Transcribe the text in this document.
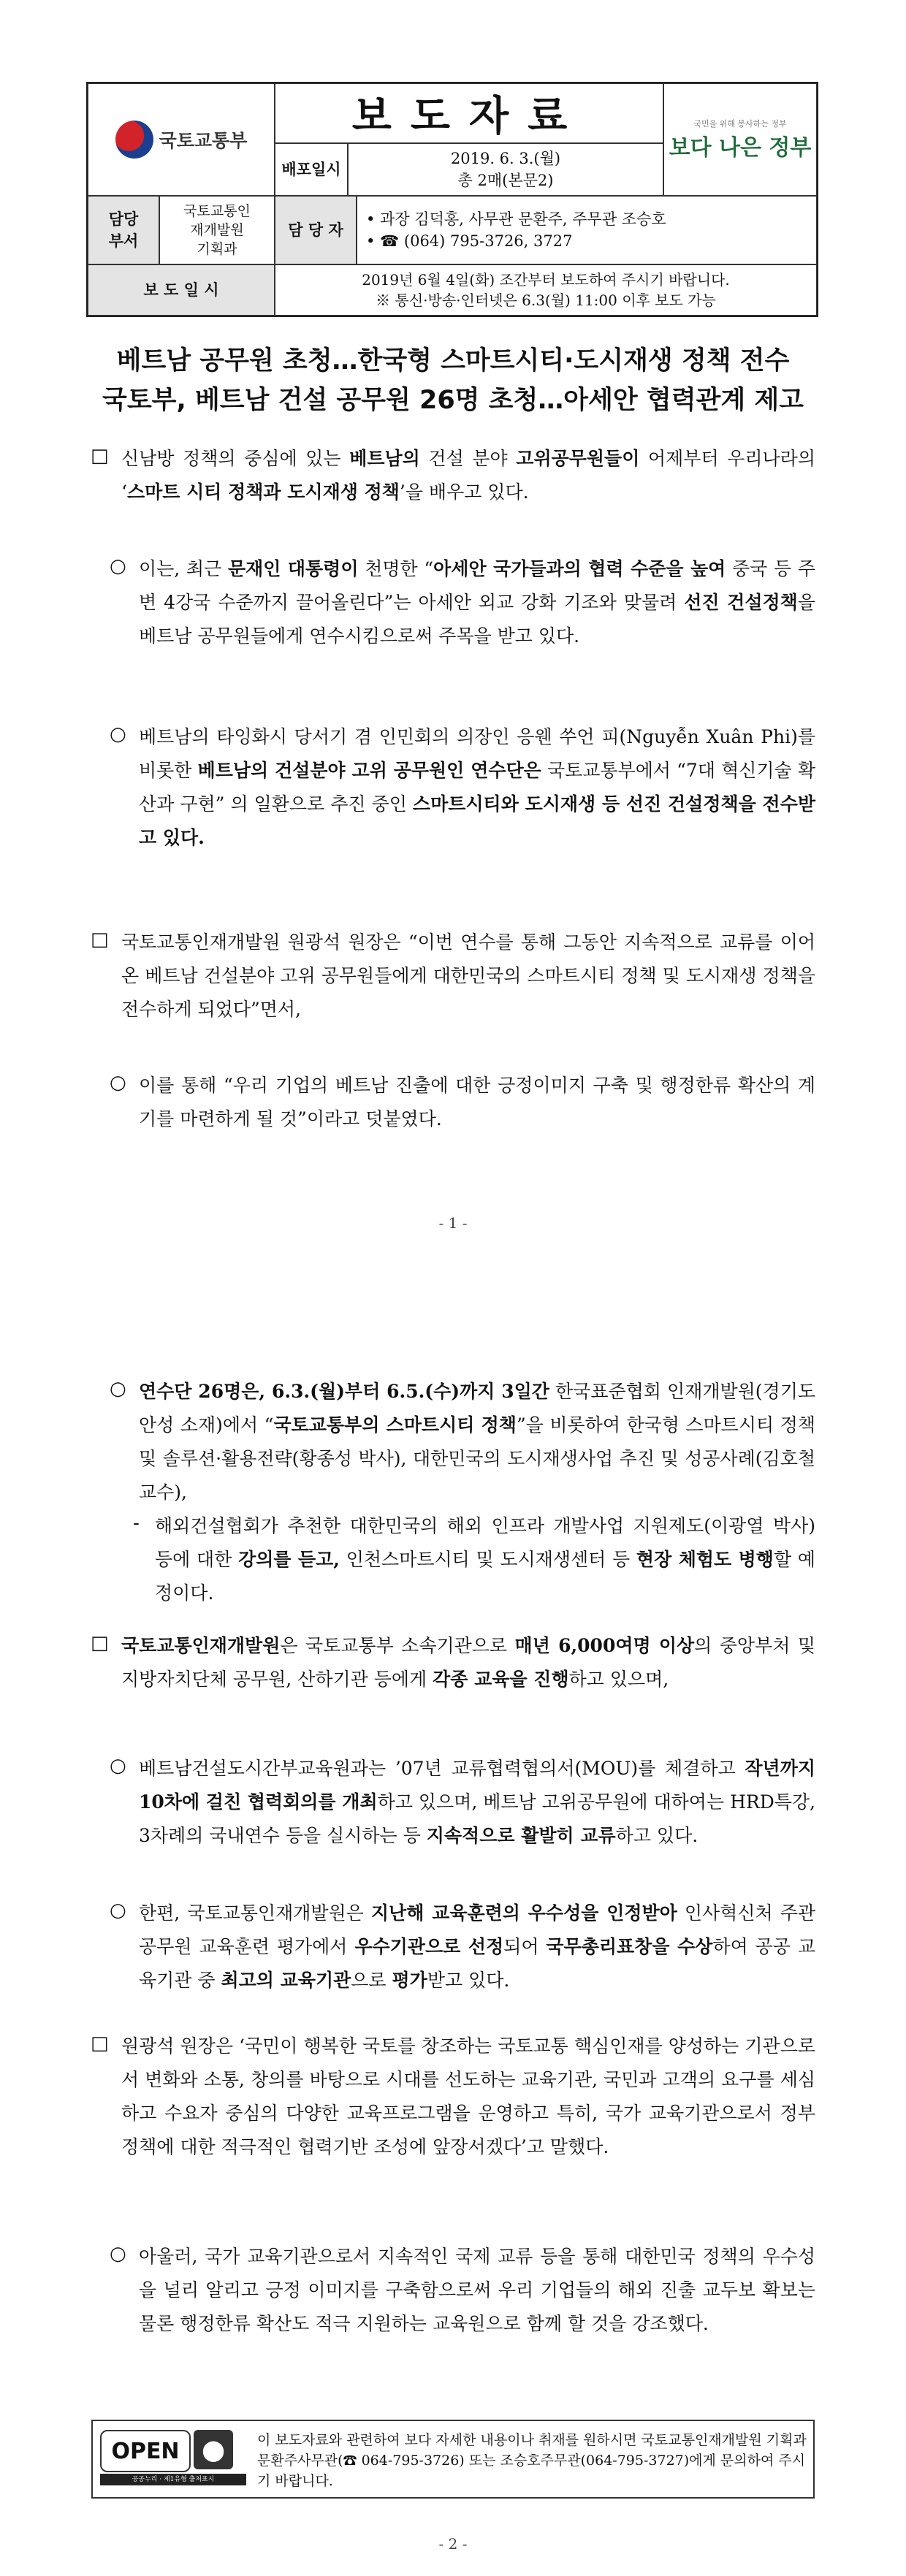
국토교통부
보도자료
배포일시
2019. 6. 3.(월)
총 2매(본문2)
국민을 위해 봉사하는 정부
보다 나은 정부
담당
부서
국토교통인
재개발원
기획과
담 당 자
• 과장 김덕홍, 사무관 문환주, 주무관 조승호
• ☎ (064) 795-3726, 3727
보 도 일 시
2019년 6월 4일(화) 조간부터 보도하여 주시기 바랍니다.
※ 통신·방송·인터넷은 6.3(월) 11:00 이후 보도 가능
베트남 공무원 초청…한국형 스마트시티·도시재생 정책 전수
국토부, 베트남 건설 공무원 26명 초청…아세안 협력관계 제고
□ 신남방 정책의 중심에 있는 베트남의 건설 분야 고위공무원들이 어제부터 우리나라의 ‘스마트 시티 정책과 도시재생 정책’을 배우고 있다.
○ 이는, 최근 문재인 대통령이 천명한 “아세안 국가들과의 협력 수준을 높여 중국 등 주변 4강국 수준까지 끌어올린다”는 아세안 외교 강화 기조와 맞물려 선진 건설정책을 베트남 공무원들에게 연수시킴으로써 주목을 받고 있다.
○ 베트남의 타잉화시 당서기 겸 인민회의 의장인 응웬 쑤언 피(Nguyễn Xuân Phi)를 비롯한 베트남의 건설분야 고위 공무원인 연수단은 국토교통부에서 “7대 혁신기술 확산과 구현” 의 일환으로 추진 중인 스마트시티와 도시재생 등 선진 건설정책을 전수받고 있다.
□ 국토교통인재개발원 원광석 원장은 “이번 연수를 통해 그동안 지속적으로 교류를 이어온 베트남 건설분야 고위 공무원들에게 대한민국의 스마트시티 정책 및 도시재생 정책을 전수하게 되었다”면서,
○ 이를 통해 “우리 기업의 베트남 진출에 대한 긍정이미지 구축 및 행정한류 확산의 계기를 마련하게 될 것”이라고 덧붙였다.
- 1 -
○ 연수단 26명은, 6.3.(월)부터 6.5.(수)까지 3일간 한국표준협회 인재개발원(경기도 안성 소재)에서 “국토교통부의 스마트시티 정책”을 비롯하여 한국형 스마트시티 정책 및 솔루션·활용전략(황종성 박사), 대한민국의 도시재생사업 추진 및 성공사례(김호철 교수),
- 해외건설협회가 추천한 대한민국의 해외 인프라 개발사업 지원제도(이광열 박사) 등에 대한 강의를 듣고, 인천스마트시티 및 도시재생센터 등 현장 체험도 병행할 예정이다.
□ 국토교통인재개발원은 국토교통부 소속기관으로 매년 6,000여명 이상의 중앙부처 및 지방자치단체 공무원, 산하기관 등에게 각종 교육을 진행하고 있으며,
○ 베트남건설도시간부교육원과는 ’07년 교류협력협의서(MOU)를 체결하고 작년까지 10차에 걸친 협력회의를 개최하고 있으며, 베트남 고위공무원에 대하여는 HRD특강, 3차례의 국내연수 등을 실시하는 등 지속적으로 활발히 교류하고 있다.
○ 한편, 국토교통인재개발원은 지난해 교육훈련의 우수성을 인정받아 인사혁신처 주관 공무원 교육훈련 평가에서 우수기관으로 선정되어 국무총리표창을 수상하여 공공 교육기관 중 최고의 교육기관으로 평가받고 있다.
□ 원광석 원장은 ‘국민이 행복한 국토를 창조하는 국토교통 핵심인재를 양성하는 기관으로서 변화와 소통, 창의를 바탕으로 시대를 선도하는 교육기관, 국민과 고객의 요구를 세심하고 수요자 중심의 다양한 교육프로그램을 운영하고 특히, 국가 교육기관으로서 정부 정책에 대한 적극적인 협력기반 조성에 앞장서겠다’고 말했다.
○ 아울러, 국가 교육기관으로서 지속적인 국제 교류 등을 통해 대한민국 정책의 우수성을 널리 알리고 긍정 이미지를 구축함으로써 우리 기업들의 해외 진출 교두보 확보는 물론 행정한류 확산도 적극 지원하는 교육원으로 함께 할 것을 강조했다.
OPEN	⬤
공공누리 · 제1유형 출처표시
이 보도자료와 관련하여 보다 자세한 내용이나 취재를 원하시면 국토교통인재개발원 기획과 문환주사무관(☎ 064-795-3726) 또는 조승호주무관(064-795-3727)에게 문의하여 주시기 바랍니다.
- 2 -
